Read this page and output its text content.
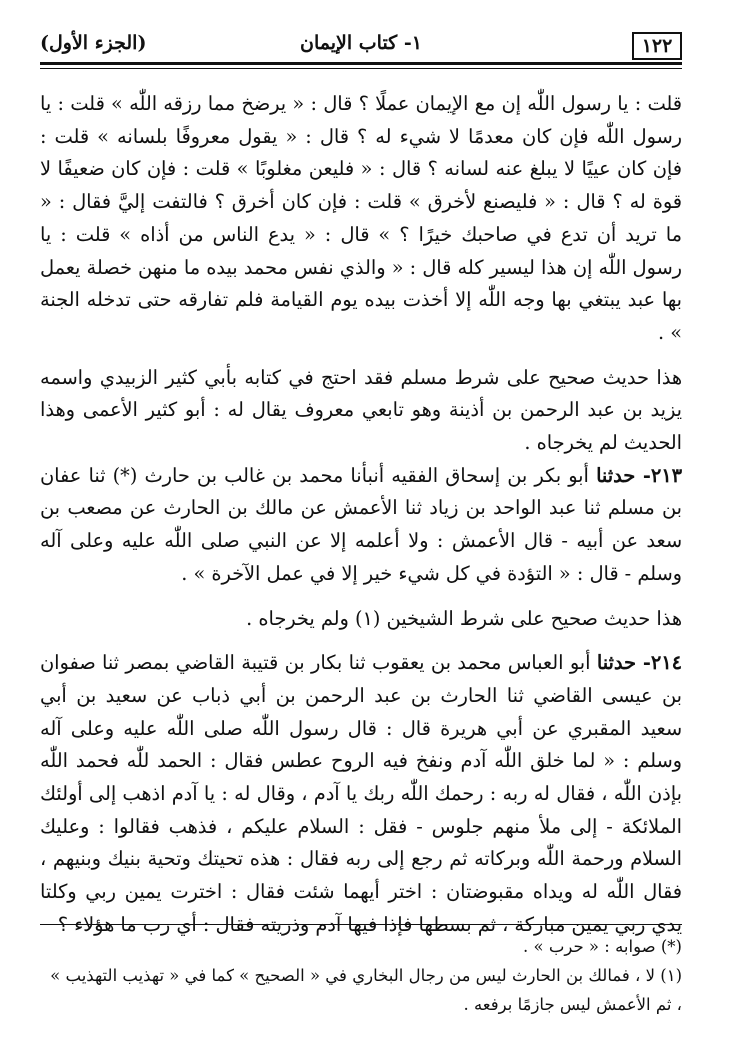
١٢٢
١- كتاب الإيمان
(الجزء الأول)

قلت : يا رسول اللّٰه إن مع الإيمان عملًا ؟ قال : « يرضخ مما رزقه اللّٰه » قلت : يا رسول اللّٰه فإن كان معدمًا لا شيء له ؟ قال : « يقول معروفًا بلسانه » قلت : فإن كان عييًا لا يبلغ عنه لسانه ؟ قال : « فليعن مغلوبًا » قلت : فإن كان ضعيفًا لا قوة له ؟ قال : « فليصنع لأخرق » قلت : فإن كان أخرق ؟ فالتفت إليَّ فقال : « ما تريد أن تدع في صاحبك خيرًا ؟ » قال : « يدع الناس من أذاه » قلت : يا رسول اللّٰه إن هذا ليسير كله قال : « والذي نفس محمد بيده ما منهن خصلة يعمل بها عبد يبتغي بها وجه اللّٰه إلا أخذت بيده يوم القيامة فلم تفارقه حتى تدخله الجنة » .

هذا حديث صحيح على شرط مسلم فقد احتج في كتابه بأبي كثير الزبيدي واسمه يزيد بن عبد الرحمن بن أذينة وهو تابعي معروف يقال له : أبو كثير الأعمى وهذا الحديث لم يخرجاه .

٢١٣- حدثنا أبو بكر بن إسحاق الفقيه أنبأنا محمد بن غالب بن حارث (*) ثنا عفان بن مسلم ثنا عبد الواحد بن زياد ثنا الأعمش عن مالك بن الحارث عن مصعب بن سعد عن أبيه - قال الأعمش : ولا أعلمه إلا عن النبي صلى اللّٰه عليه وعلى آله وسلم - قال : « التؤدة في كل شيء خير إلا في عمل الآخرة » .

هذا حديث صحيح على شرط الشيخين (١) ولم يخرجاه .

٢١٤- حدثنا أبو العباس محمد بن يعقوب ثنا بكار بن قتيبة القاضي بمصر ثنا صفوان بن عيسى القاضي ثنا الحارث بن عبد الرحمن بن أبي ذباب عن سعيد بن أبي سعيد المقبري عن أبي هريرة قال : قال رسول اللّٰه صلى اللّٰه عليه وعلى آله وسلم : « لما خلق اللّٰه آدم ونفخ فيه الروح عطس فقال : الحمد للّٰه فحمد اللّٰه بإذن اللّٰه ، فقال له ربه : رحمك اللّٰه ربك يا آدم ، وقال له : يا آدم اذهب إلى أولئك الملائكة - إلى ملأ منهم جلوس - فقل : السلام عليكم ، فذهب فقالوا : وعليك السلام ورحمة اللّٰه وبركاته ثم رجع إلى ربه فقال : هذه تحيتك وتحية بنيك وبنيهم ، فقال اللّٰه له ويداه مقبوضتان : اختر أيهما شئت فقال : اخترت يمين ربي وكلتا يدي ربي يمين مباركة ، ثم بسطها فإذا فيها آدم وذريته فقال : أي رب ما هؤلاء ؟

(*) صوابه : « حرب » .

(١) لا ، فمالك بن الحارث ليس من رجال البخاري في « الصحيح » كما في « تهذيب التهذيب » ، ثم الأعمش ليس جازمًا برفعه .
